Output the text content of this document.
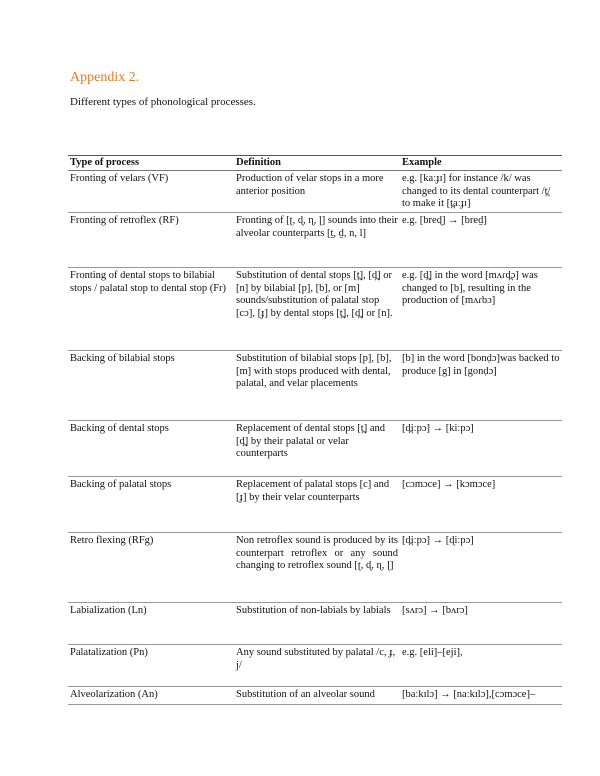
Appendix 2.
Different types of phonological processes.
Type of process	Definition	Example
Fronting of velars (VF)	Production of velar stops in a more anterior position	e.g. [kaːɟɪ] for instance /k/ was changed to its dental counterpart /t̪/ to make it [t̪aːɟɪ]
Fronting of retroflex (RF)	Fronting of [ʈ, ɖ, ɳ, ɭ] sounds into their alveolar counterparts [t̠, d̠, n, l]	e.g. [breɖ] → [bred̠]
Fronting of dental stops to bilabial stops / palatal stop to dental stop (Fr)	Substitution of dental stops [t̪], [d̪] or [n] by bilabial [p], [b], or [m] sounds/substitution of palatal stop [cɔ], [ɟ] by dental stops [t̪], [d̪] or [n].	e.g. [d̪] in the word [mʌɾd̪ɔ] was changed to [b], resulting in the production of [mʌɾbɔ]
Backing of bilabial stops	Substitution of bilabial stops [p], [b], [m] with stops produced with dental, palatal, and velar placements	[b] in the word [bonḍɔ]was backed to produce [g] in [gonḍɔ]
Backing of dental stops	Replacement of dental stops [t̪] and [d̪] by their palatal or velar counterparts	[d̪iːpɔ] → [kiːpɔ]
Backing of palatal stops	Replacement of palatal stops [c] and [ɟ] by their velar counterparts	[cɔmɔce] → [kɔmɔce]
Retro flexing (RFg)	Non retroflex sound is produced by its counterpart retroflex or any sound changing to retroflex sound [ʈ, ɖ, ɳ, ɭ]	[d̪iːpɔ] → [ɖiːpɔ]
Labialization (Ln)	Substitution of non-labials by labials	[sʌrɔ] → [bʌrɔ]
Palatalization (Pn)	Any sound substituted by palatal /c, ɟ, j/	e.g. [eli]–[eji],
Alveolarization (An)	Substitution of an alveolar sound	[baːkɪlɔ] → [naːkɪlɔ],[cɔmɔce]–
